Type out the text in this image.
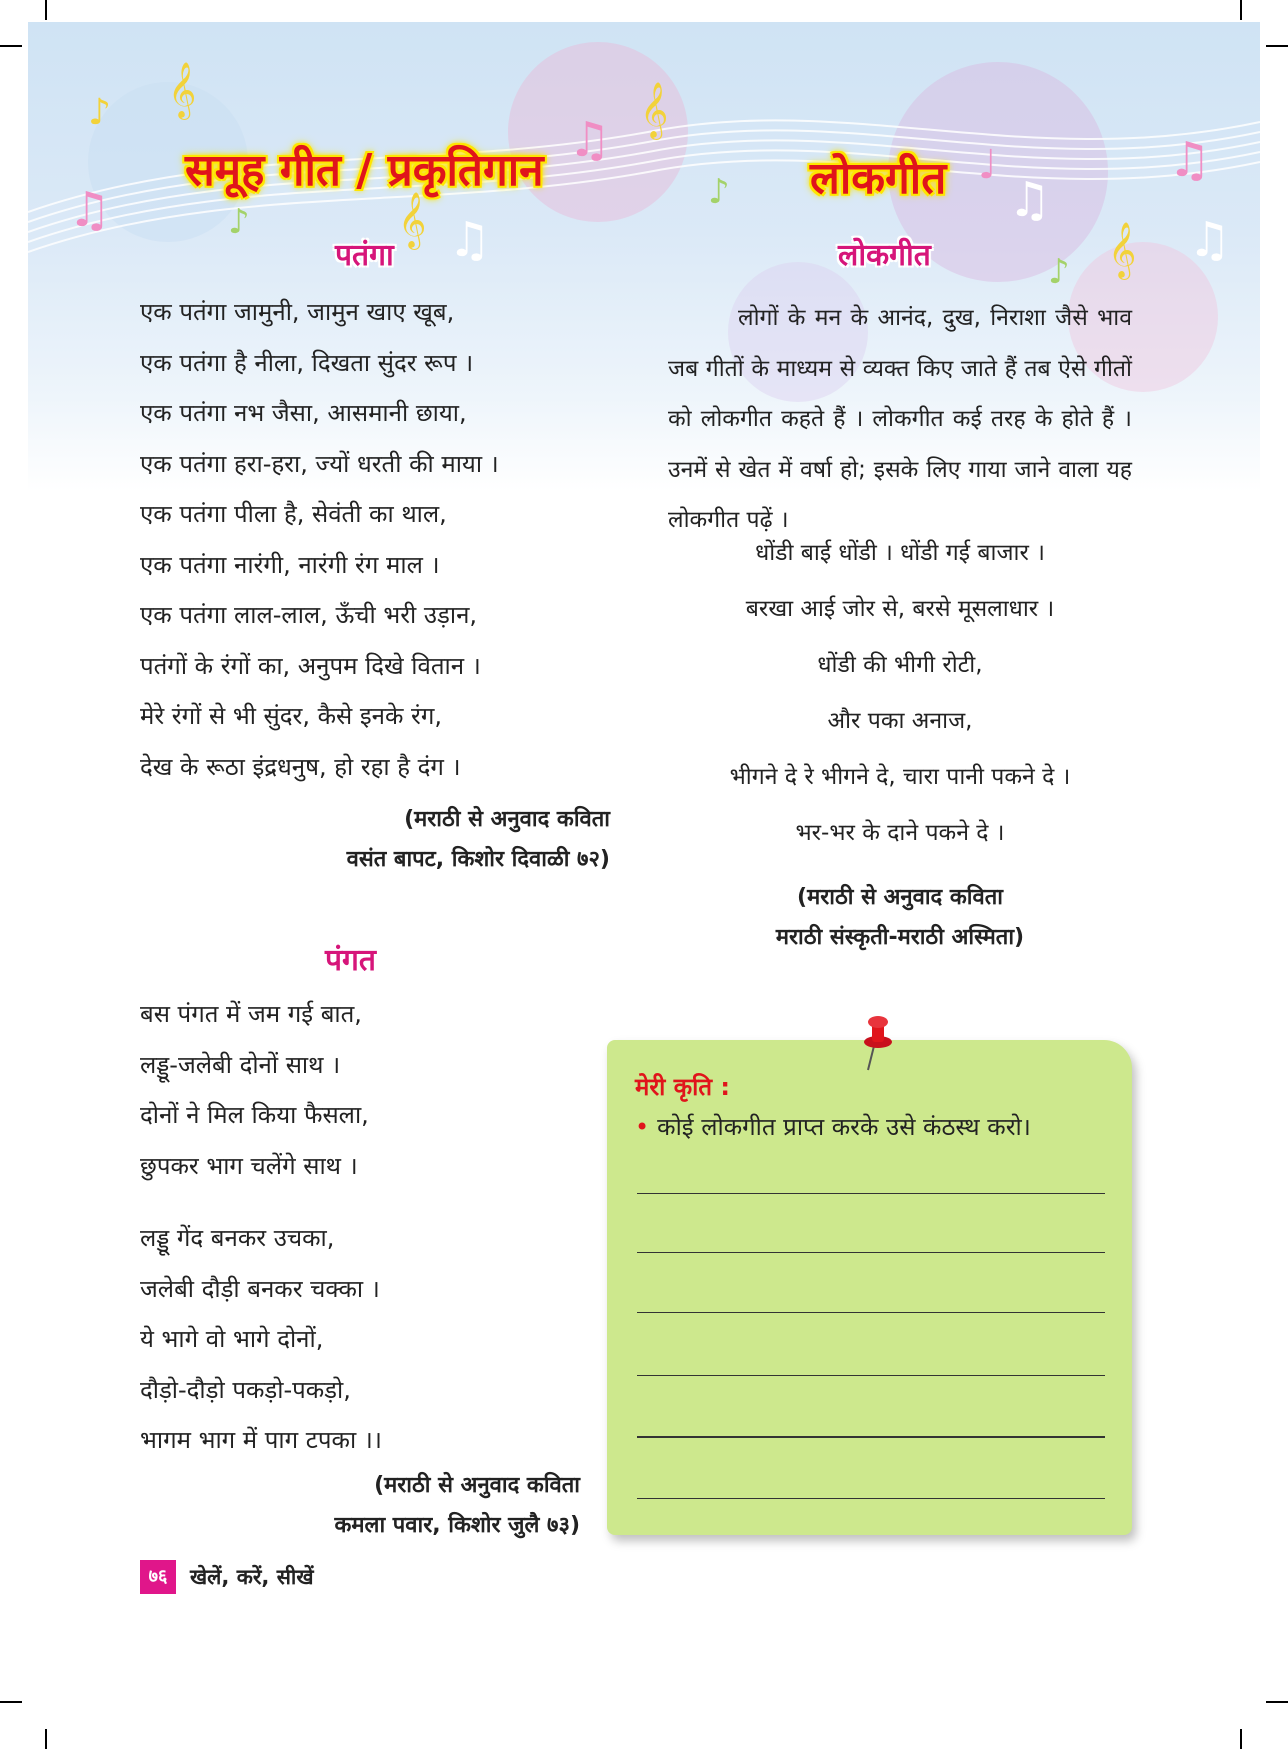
𝄞
♪
♫	♪	𝄞 ♫
♫
𝄞
♪
♩
♫
𝄞
♫
♫
♪
समूह गीत / प्रकृतिगान	लोकगीत
पतंगा
एक पतंगा जामुनी, जामुन खाए खूब,
एक पतंगा है नीला, दिखता सुंदर रूप ।
एक पतंगा नभ जैसा, आसमानी छाया,
एक पतंगा हरा-हरा, ज्यों धरती की माया ।
एक पतंगा पीला है, सेवंती का थाल,
एक पतंगा नारंगी, नारंगी रंग माल ।
एक पतंगा लाल-लाल, ऊँची भरी उड़ान,
पतंगों के रंगों का, अनुपम दिखे वितान ।
मेरे रंगों से भी सुंदर, कैसे इनके रंग,
देख के रूठा इंद्रधनुष, हो रहा है दंग ।
(मराठी से अनुवाद कविता
वसंत बापट, किशोर दिवाळी ७२)
पंगत
बस पंगत में जम गई बात,
लड्डू-जलेबी दोनों साथ ।
दोनों ने मिल किया फैसला,
छुपकर भाग चलेंगे साथ ।
लड्डू गेंद बनकर उचका,
जलेबी दौड़ी बनकर चक्का ।
ये भागे वो भागे दोनों,
दौड़ो-दौड़ो पकड़ो-पकड़ो,
भागम भाग में पाग टपका ।।
(मराठी से अनुवाद कविता
कमला पवार, किशोर जुलै ७३)
लोकगीत

लोगों के मन के आनंद, दुख, निराशा जैसे भाव जब गीतों के माध्यम से व्यक्त किए जाते हैं तब ऐसे गीतों को लोकगीत कहते हैं । लोकगीत कई तरह के होते हैं । उनमें से खेत में वर्षा हो; इसके लिए गाया जाने वाला यह लोकगीत पढ़ें ।

धोंडी बाई धोंडी । धोंडी गई बाजार ।
बरखा आई जोर से, बरसे मूसलाधार ।
धोंडी की भीगी रोटी,
और पका अनाज,
भीगने दे रे भीगने दे, चारा पानी पकने दे ।
भर-भर के दाने पकने दे ।
(मराठी से अनुवाद कविता
मराठी संस्कृती-मराठी अस्मिता)
मेरी कृति :
• कोई लोकगीत प्राप्त करके उसे कंठस्थ करो।
७६	खेलें, करें, सीखें
